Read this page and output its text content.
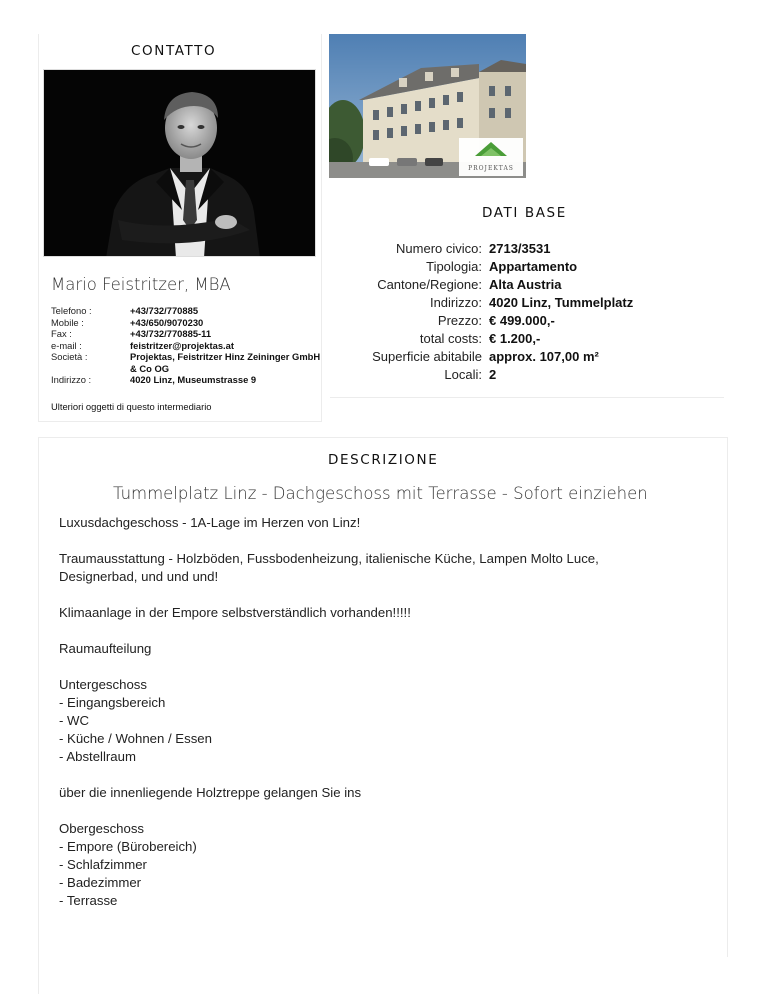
CONTATTO
Mario Feistritzer, MBA
Telefono :	+43/732/770885
Mobile :	+43/650/9070230
Fax :	+43/732/770885-11
e-mail :	feistritzer@projektas.at
Società :	Projektas, Feistritzer Hinz Zeininger GmbH & Co OG
Indirizzo :	4020 Linz, Museumstrasse 9
Ulteriori oggetti di questo intermediario
PROJEKTAS
DATI BASE
Numero civico: 2713/3531
Tipologia: Appartamento
Cantone/Regione: Alta Austria
Indirizzo: 4020 Linz, Tummelplatz
Prezzo: € 499.000,-
total costs: € 1.200,-
Superficie abitabile approx. 107,00 m²
Locali: 2
DESCRIZIONE
Tummelplatz Linz - Dachgeschoss mit Terrasse - Sofort einziehen

Luxusdachgeschoss - 1A-Lage im Herzen von Linz!

Traumausstattung - Holzböden, Fussbodenheizung, italienische Küche, Lampen Molto Luce, Designerbad, und und und!

Klimaanlage in der Empore selbstverständlich vorhanden!!!!!

Raumaufteilung

Untergeschoss
- Eingangsbereich
- WC
- Küche / Wohnen / Essen
- Abstellraum

über die innenliegende Holztreppe gelangen Sie ins

Obergeschoss
- Empore (Bürobereich)
- Schlafzimmer
- Badezimmer
- Terrasse
